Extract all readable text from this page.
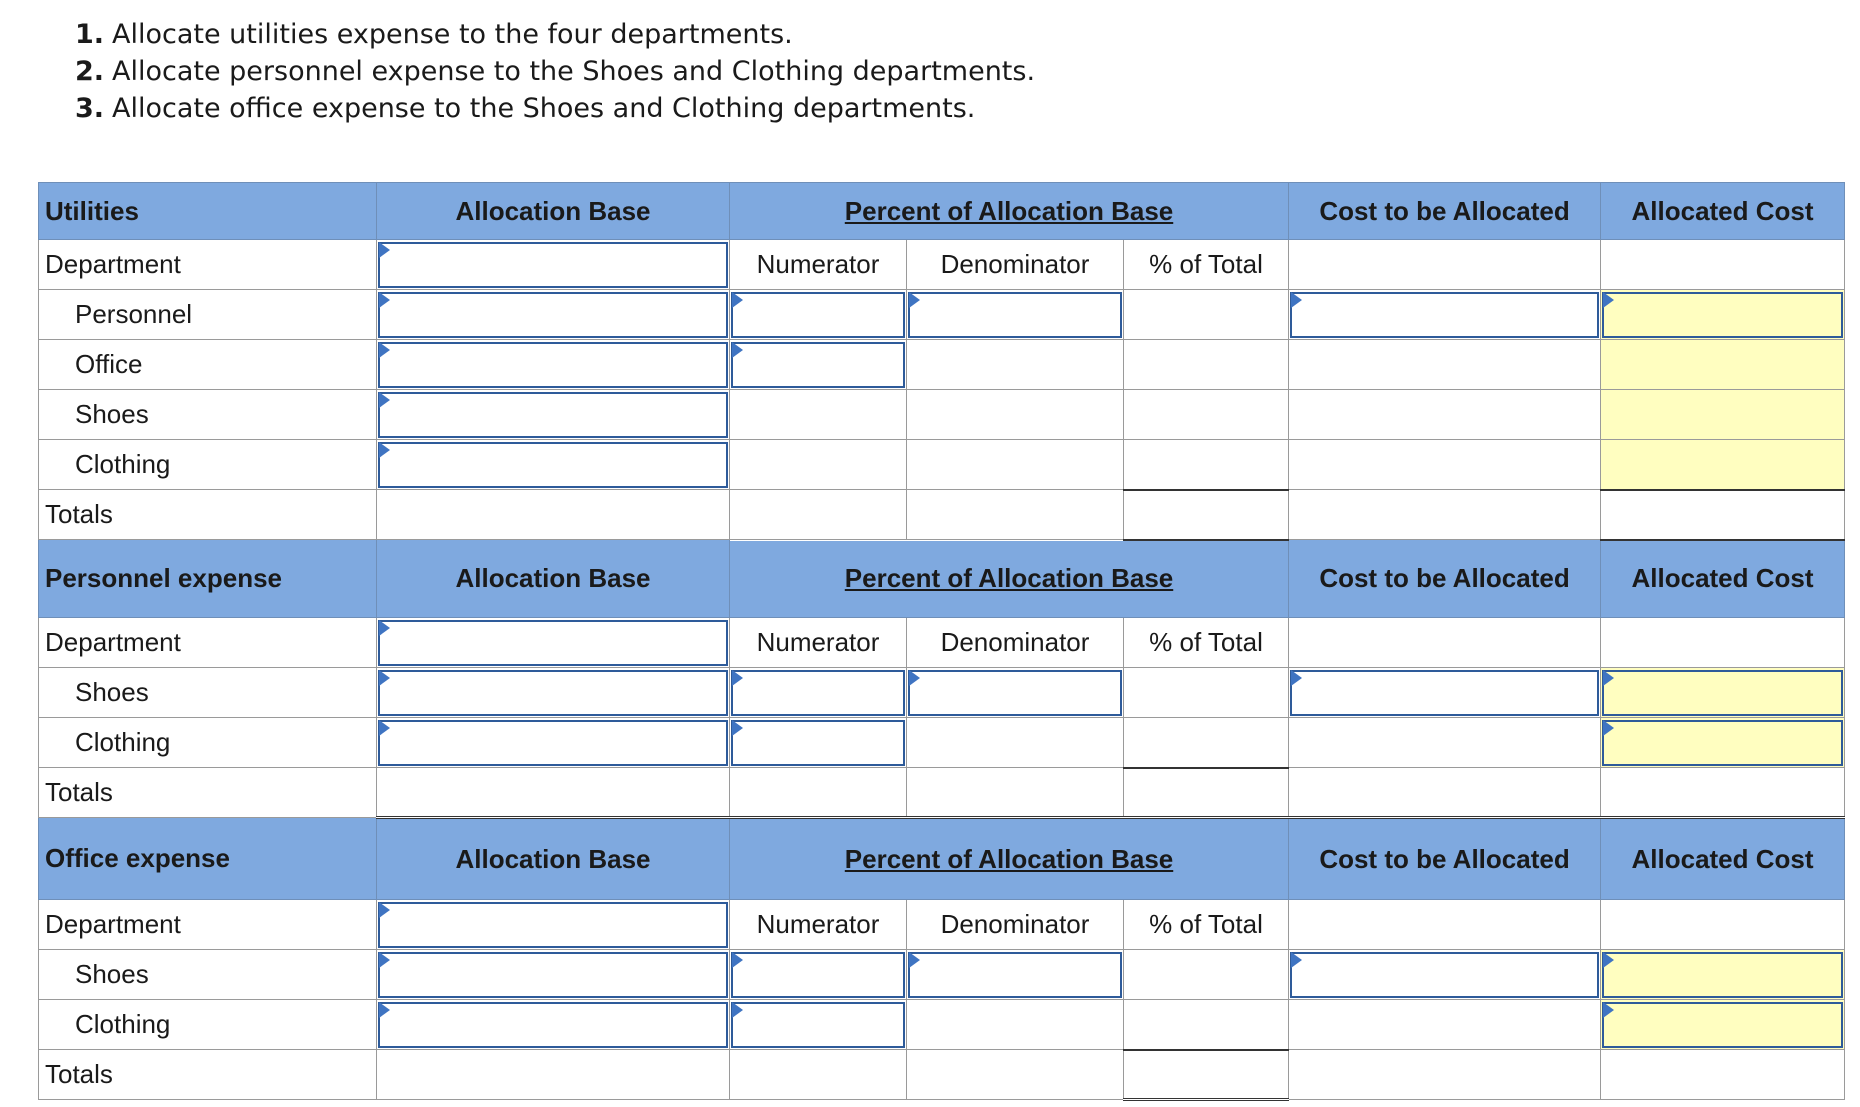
1. Allocate utilities expense to the four departments.
2. Allocate personnel expense to the Shoes and Clothing departments.
3. Allocate office expense to the Shoes and Clothing departments.
Utilities	Allocation Base	Percent of Allocation Base			Cost to be Allocated	Allocated Cost
Department		Numerator	Denominator	% of Total		
Personnel	

Office	

Shoes	

Clothing	

Totals						
Personnel expense	Allocation Base	Percent of Allocation Base			Cost to be Allocated	Allocated Cost
Department		Numerator	Denominator	% of Total		
Shoes	

Clothing	

Totals						
Office expense	Allocation Base	Percent of Allocation Base			Cost to be Allocated	Allocated Cost
Department		Numerator	Denominator	% of Total		
Shoes	

Clothing	

Totals						
